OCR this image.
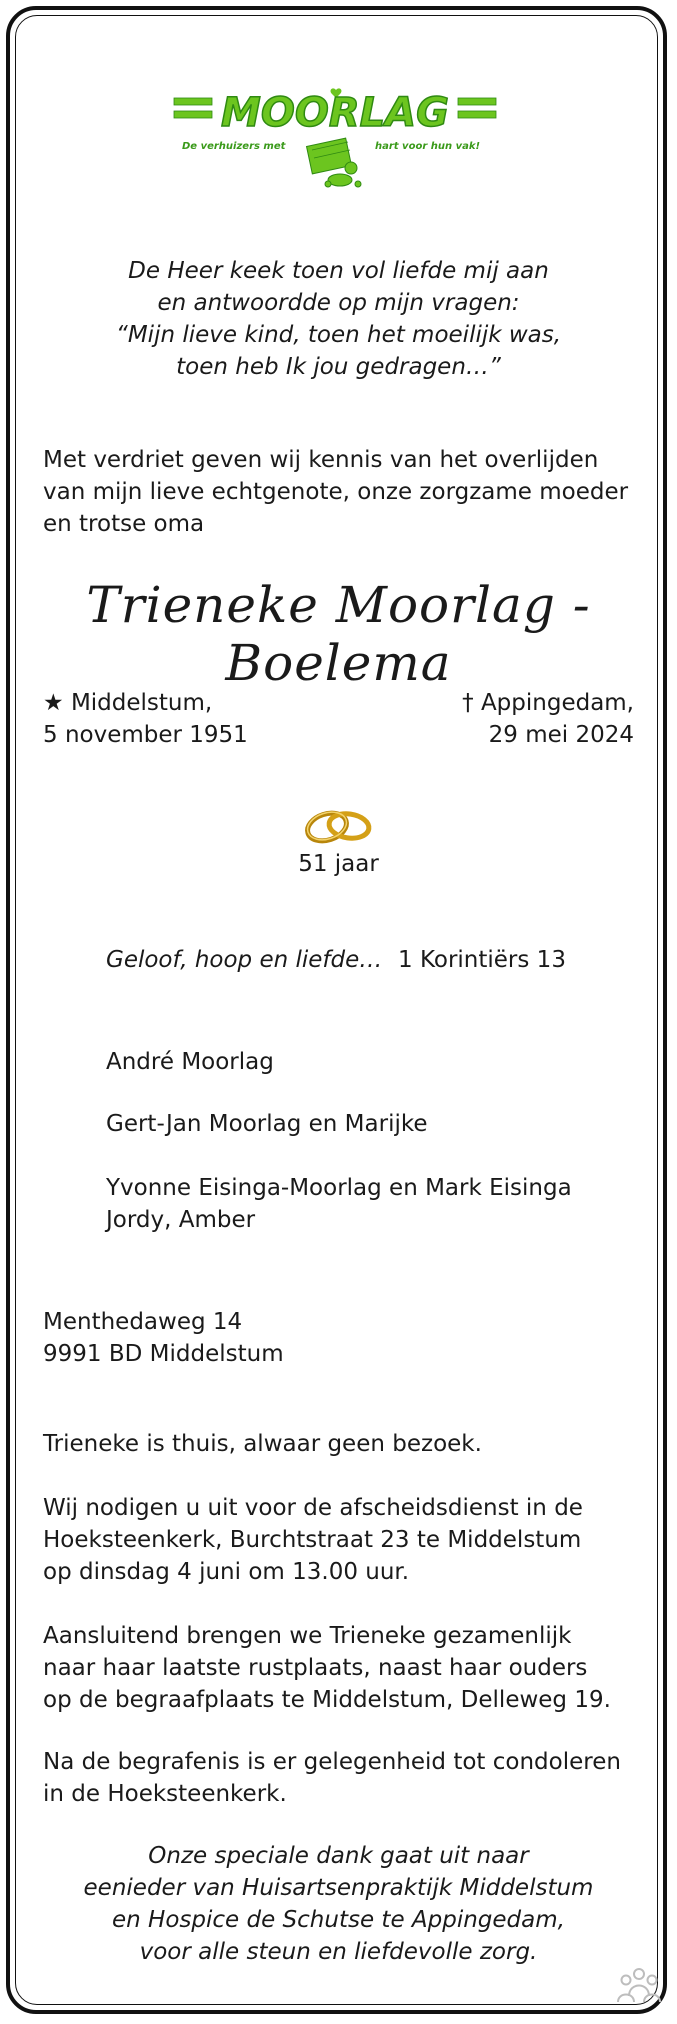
MOORLAG
De verhuizers met	hart voor hun vak!
De Heer keek toen vol liefde mij aan
en antwoordde op mijn vragen:
“Mijn lieve kind, toen het moeilijk was,
toen heb Ik jou gedragen…”
Met verdriet geven wij kennis van het overlijden
van mijn lieve echtgenote, onze zorgzame moeder
en trotse oma
Trieneke Moorlag - Boelema
★ Middelstum,
5 november 1951
† Appingedam,
29 mei 2024
51 jaar
Geloof, hoop en liefde… 1 Korintiërs 13
André Moorlag
Gert-Jan Moorlag en Marijke
Yvonne Eisinga-Moorlag en Mark Eisinga
Jordy, Amber
Menthedaweg 14
9991 BD Middelstum
Trieneke is thuis, alwaar geen bezoek.
Wij nodigen u uit voor de afscheidsdienst in de
Hoeksteenkerk, Burchtstraat 23 te Middelstum
op dinsdag 4 juni om 13.00 uur.
Aansluitend brengen we Trieneke gezamenlijk
naar haar laatste rustplaats, naast haar ouders
op de begraafplaats te Middelstum, Delleweg 19.
Na de begrafenis is er gelegenheid tot condoleren
in de Hoeksteenkerk.
Onze speciale dank gaat uit naar
eenieder van Huisartsenpraktijk Middelstum
en Hospice de Schutse te Appingedam,
voor alle steun en liefdevolle zorg.
